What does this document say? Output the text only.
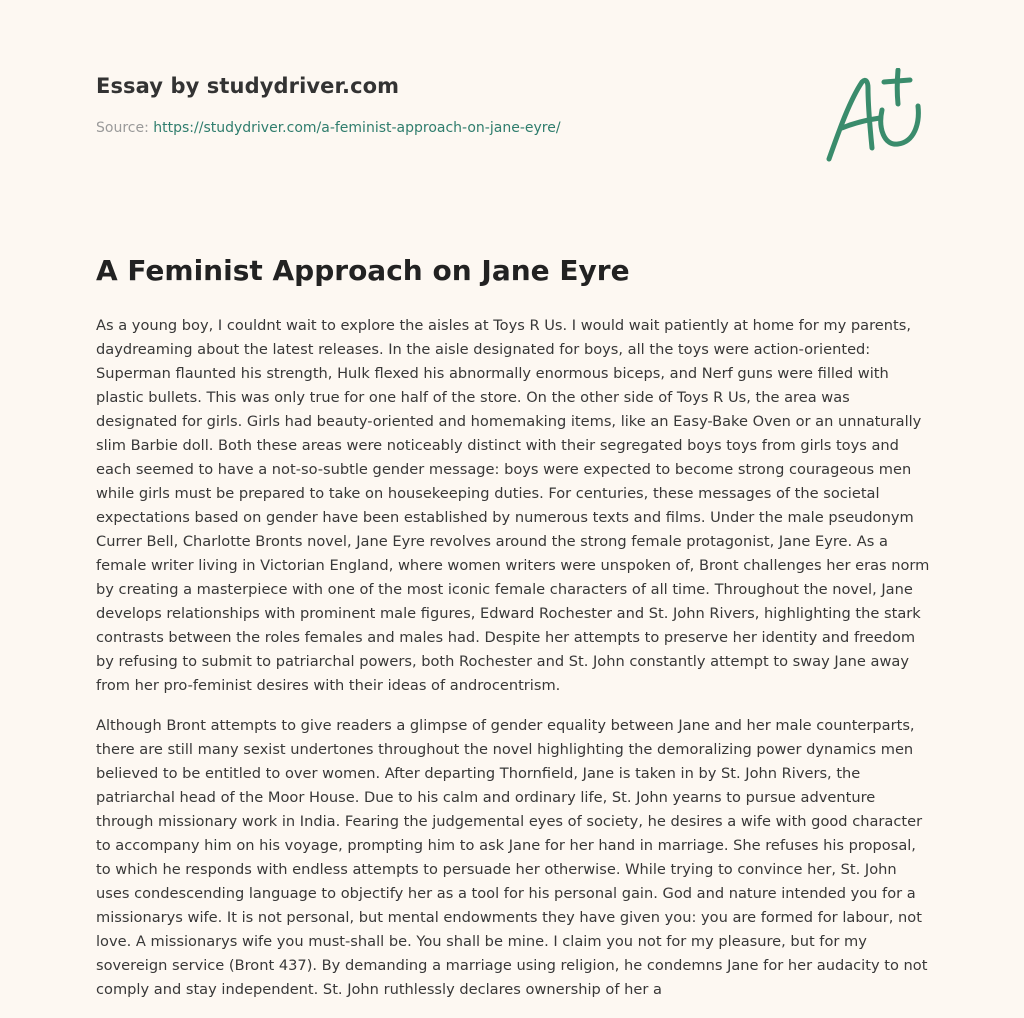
Essay by studydriver.com
Source: https://studydriver.com/a-feminist-approach-on-jane-eyre/
A Feminist Approach on Jane Eyre

As a young boy, I couldnt wait to explore the aisles at Toys R Us. I would wait patiently at home for my parents, daydreaming about the latest releases. In the aisle designated for boys, all the toys were action-oriented: Superman flaunted his strength, Hulk flexed his abnormally enormous biceps, and Nerf guns were filled with plastic bullets. This was only true for one half of the store. On the other side of Toys R Us, the area was designated for girls. Girls had beauty-oriented and homemaking items, like an Easy-Bake Oven or an unnaturally slim Barbie doll. Both these areas were noticeably distinct with their segregated boys toys from girls toys and each seemed to have a not-so-subtle gender message: boys were expected to become strong courageous men while girls must be prepared to take on housekeeping duties. For centuries, these messages of the societal expectations based on gender have been established by numerous texts and films. Under the male pseudonym Currer Bell, Charlotte Bronts novel, Jane Eyre revolves around the strong female protagonist, Jane Eyre. As a female writer living in Victorian England, where women writers were unspoken of, Bront challenges her eras norm by creating a masterpiece with one of the most iconic female characters of all time. Throughout the novel, Jane develops relationships with prominent male figures, Edward Rochester and St. John Rivers, highlighting the stark contrasts between the roles females and males had. Despite her attempts to preserve her identity and freedom by refusing to submit to patriarchal powers, both Rochester and St. John constantly attempt to sway Jane away from her pro-feminist desires with their ideas of androcentrism.

Although Bront attempts to give readers a glimpse of gender equality between Jane and her male counterparts, there are still many sexist undertones throughout the novel highlighting the demoralizing power dynamics men believed to be entitled to over women. After departing Thornfield, Jane is taken in by St. John Rivers, the patriarchal head of the Moor House. Due to his calm and ordinary life, St. John yearns to pursue adventure through missionary work in India. Fearing the judgemental eyes of society, he desires a wife with good character to accompany him on his voyage, prompting him to ask Jane for her hand in marriage. She refuses his proposal, to which he responds with endless attempts to persuade her otherwise. While trying to convince her, St. John uses condescending language to objectify her as a tool for his personal gain. God and nature intended you for a missionarys wife. It is not personal, but mental endowments they have given you: you are formed for labour, not love. A missionarys wife you must-shall be. You shall be mine. I claim you not for my pleasure, but for my sovereign service (Bront 437). By demanding a marriage using religion, he condemns Jane for her audacity to not comply and stay independent. St. John ruthlessly declares ownership of her a
